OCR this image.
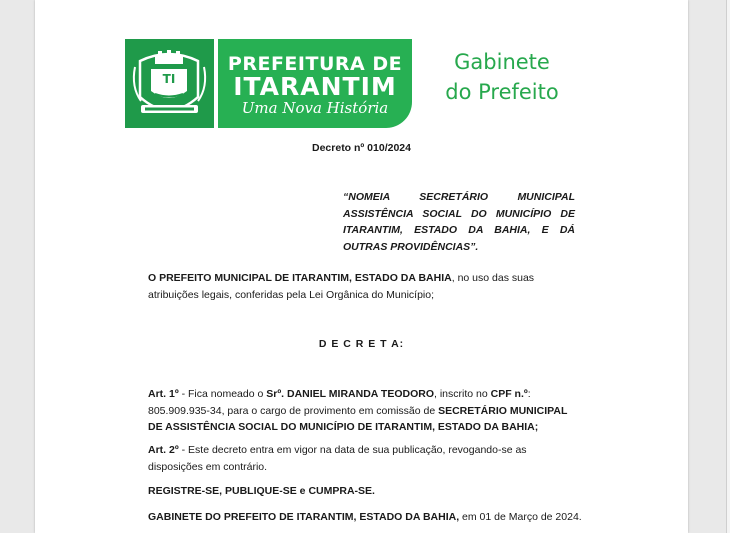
TI
PREFEITURA DE
ITARANTIM
Uma Nova História
Gabinete
do Prefeito
Decreto nº 010/2024
“NOMEIA SECRETÁRIO MUNICIPAL ASSISTÊNCIA SOCIAL DO MUNICÍPIO DE ITARANTIM, ESTADO DA BAHIA, E DÁ OUTRAS PROVIDÊNCIAS”.
O PREFEITO MUNICIPAL DE ITARANTIM, ESTADO DA BAHIA, no uso das suas atribuições legais, conferidas pela Lei Orgânica do Município;
D E C R E T A:
Art. 1º - Fica nomeado o Srº. DANIEL MIRANDA TEODORO, inscrito no CPF n.º: 805.909.935-34, para o cargo de provimento em comissão de SECRETÁRIO MUNICIPAL DE ASSISTÊNCIA SOCIAL DO MUNICÍPIO DE ITARANTIM, ESTADO DA BAHIA;
Art. 2º - Este decreto entra em vigor na data de sua publicação, revogando-se as disposições em contrário.
REGISTRE-SE, PUBLIQUE-SE e CUMPRA-SE.
GABINETE DO PREFEITO DE ITARANTIM, ESTADO DA BAHIA, em 01 de Março de 2024.
